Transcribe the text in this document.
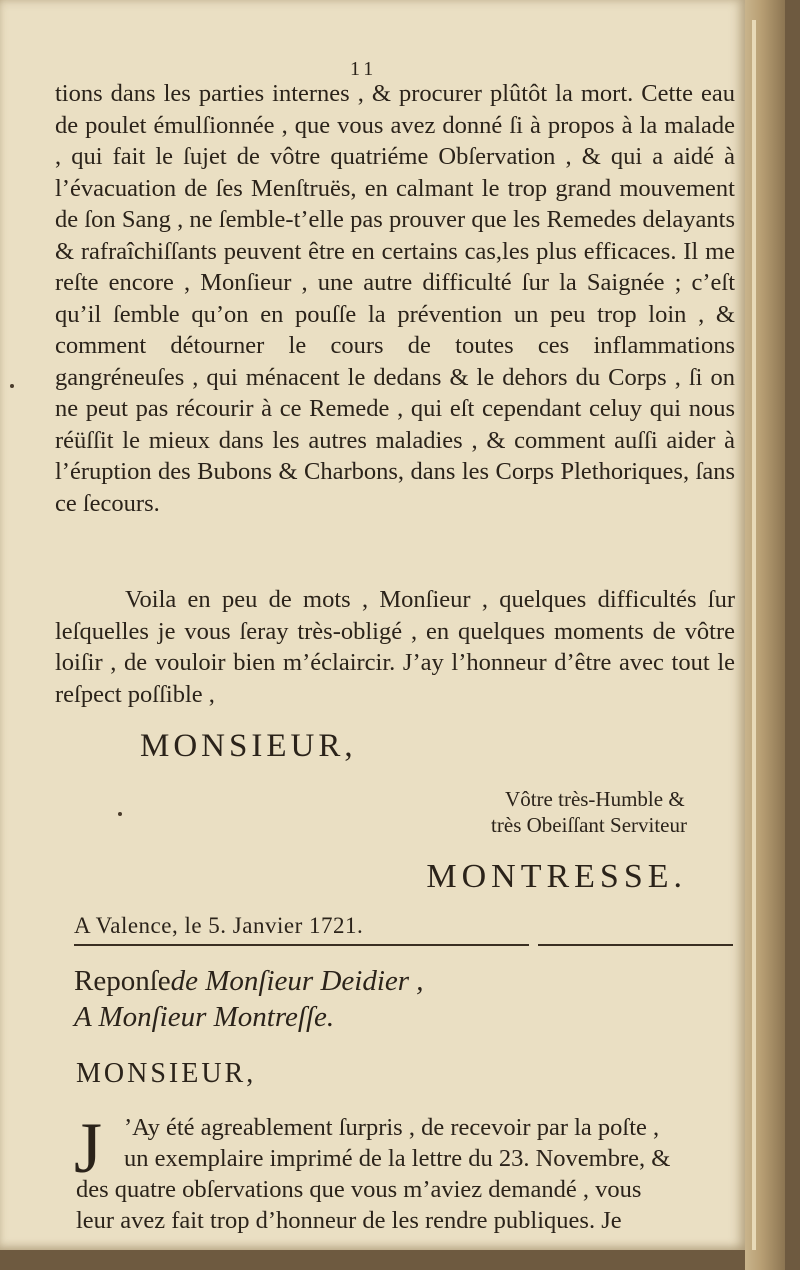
11
tions dans les parties internes , & procurer plûtôt la mort. Cette eau de poulet émulſionnée , que vous avez donné ſi à propos à la malade , qui fait le ſujet de vôtre quatriéme Obſervation , & qui a aidé à l’évacuation de ſes Menſtruës, en calmant le trop grand mouvement de ſon Sang , ne ſemble-t’elle pas prouver que les Remedes delayants & rafraîchiſſants peuvent être en certains cas,les plus efficaces. Il me reſte encore , Monſieur , une autre difficulté ſur la Saignée ; c’eſt qu’il ſemble qu’on en pouſſe la prévention un peu trop loin , & comment détourner le cours de toutes ces inflammations gangréneuſes , qui ménacent le dedans & le dehors du Corps , ſi on ne peut pas récourir à ce Remede , qui eſt cependant celuy qui nous réüſſit le mieux dans les autres maladies , & comment auſſi aider à l’éruption des Bubons & Charbons, dans les Corps Plethoriques, ſans ce ſecours.
Voila en peu de mots , Monſieur , quelques difficultés ſur leſquelles je vous ſeray très-obligé , en quelques moments de vôtre loiſir , de vouloir bien m’éclaircir. J’ay l’honneur d’être avec tout le reſpect poſſible ,
MONSIEUR,
Vôtre très-Humble &
très Obeiſſant Serviteur
MONTRESSE.
A Valence, le 5. Janvier 1721.
Reponſede Monſieur Deidier ,
A Monſieur Montreſſe.
MONSIEUR,
J ’Ay été agreablement ſurpris , de recevoir par la poſte ,
un exemplaire imprimé de la lettre du 23. Novembre, &
des quatre obſervations que vous m’aviez demandé , vous
leur avez fait trop d’honneur de les rendre publiques. Je
